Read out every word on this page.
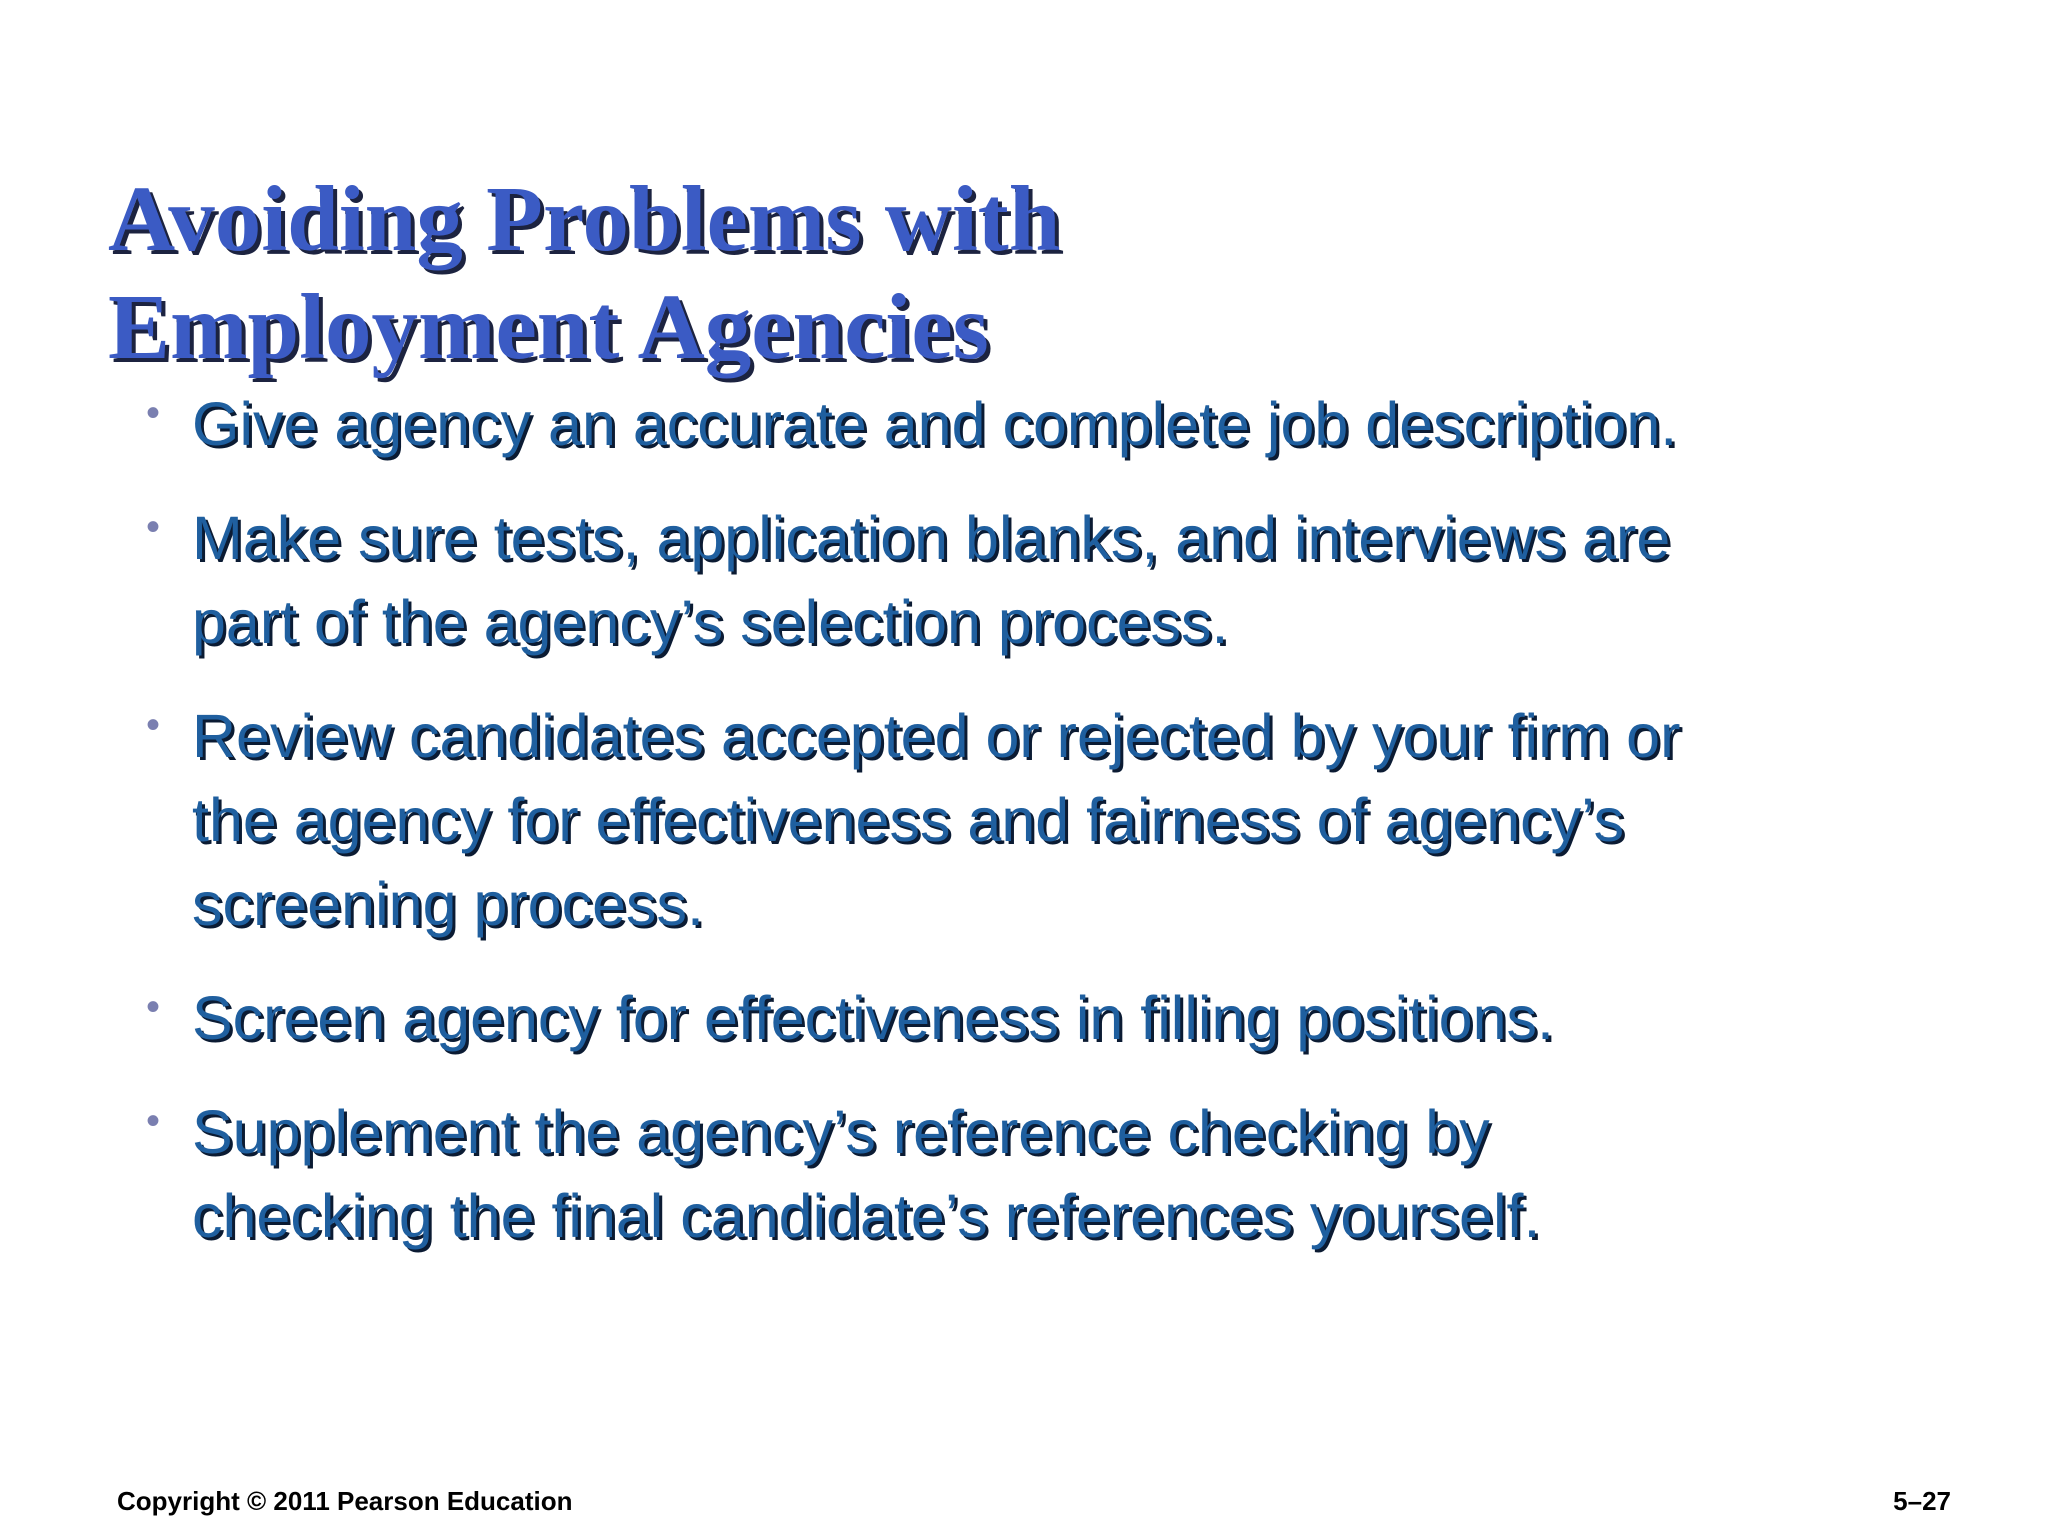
Avoiding Problems with
Employment Agencies
• Give agency an accurate and complete job description.
• Make sure tests, application blanks, and interviews are
part of the agency’s selection process.
• Review candidates accepted or rejected by your firm or
the agency for effectiveness and fairness of agency’s
screening process.
• Screen agency for effectiveness in filling positions.
• Supplement the agency’s reference checking by
checking the final candidate’s references yourself.
Copyright © 2011 Pearson Education	5–27
